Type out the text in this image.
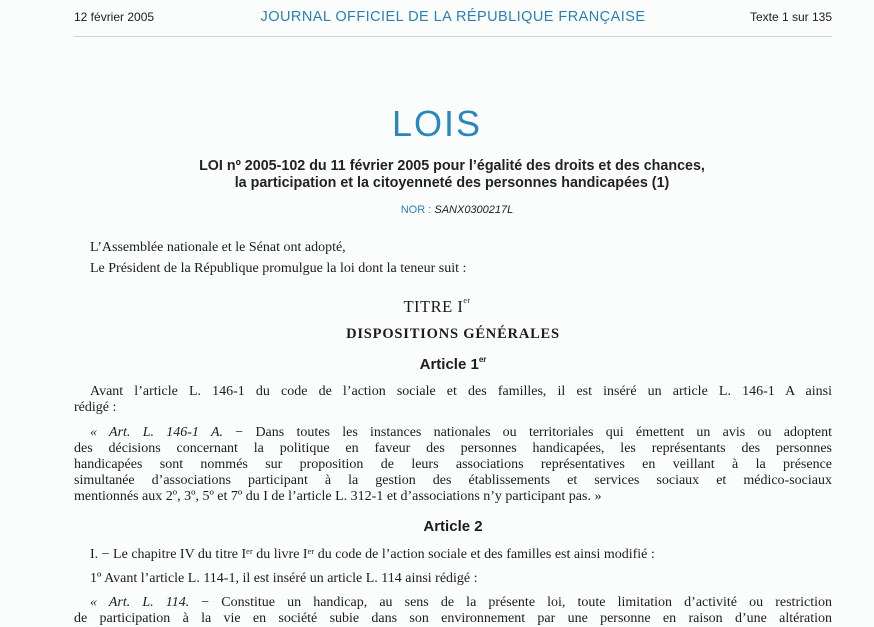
12 février 2005	JOURNAL OFFICIEL DE LA RÉPUBLIQUE FRANÇAISE	Texte 1 sur 135
LOIS
LOI nº 2005-102 du 11 février 2005 pour l’égalité des droits et des chances,
la participation et la citoyenneté des personnes handicapées (1)
NOR : SANX0300217L
L’Assemblée nationale et le Sénat ont adopté,
Le Président de la République promulgue la loi dont la teneur suit :
TITRE Ier
DISPOSITIONS GÉNÉRALES
Article 1er
Avant l’article L. 146-1 du code de l’action sociale et des familles, il est inséré un article L. 146-1 A ainsi
rédigé :
« Art. L. 146-1 A. − Dans toutes les instances nationales ou territoriales qui émettent un avis ou adoptent
des décisions concernant la politique en faveur des personnes handicapées, les représentants des personnes
handicapées sont nommés sur proposition de leurs associations représentatives en veillant à la présence
simultanée d’associations participant à la gestion des établissements et services sociaux et médico-sociaux
mentionnés aux 2º, 3º, 5º et 7º du I de l’article L. 312-1 et d’associations n’y participant pas. »
Article 2
I. − Le chapitre IV du titre Iᵉʳ du livre Iᵉʳ du code de l’action sociale et des familles est ainsi modifié :
1º Avant l’article L. 114-1, il est inséré un article L. 114 ainsi rédigé :
« Art. L. 114. − Constitue un handicap, au sens de la présente loi, toute limitation d’activité ou restriction
de participation à la vie en société subie dans son environnement par une personne en raison d’une altération
